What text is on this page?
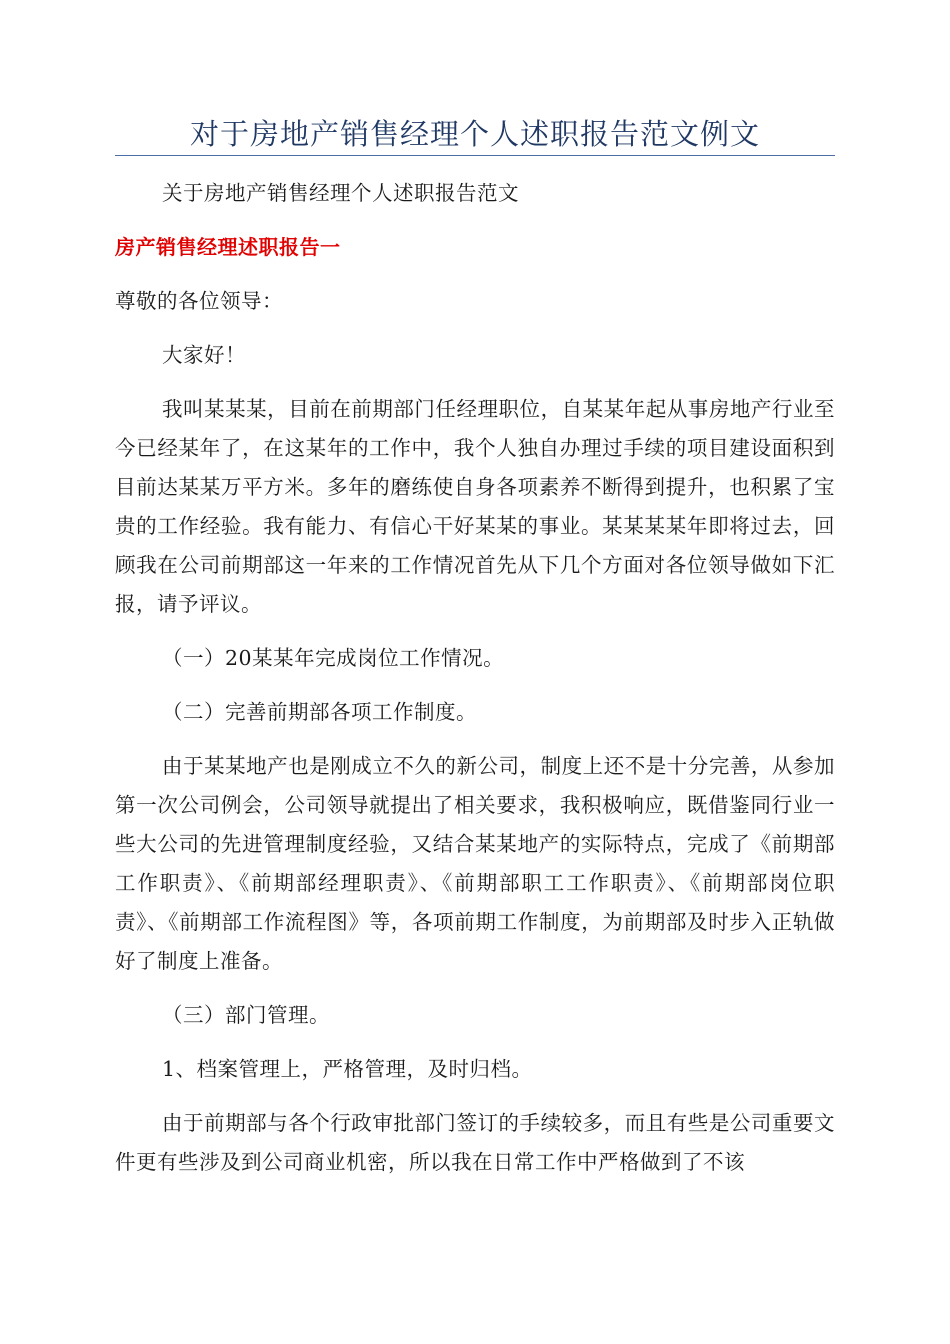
对于房地产销售经理个人述职报告范文例文

关于房地产销售经理个人述职报告范文

房产销售经理述职报告一

尊敬的各位领导：

大家好！

我叫某某某，目前在前期部门任经理职位，自某某年起从事房地产行业至今已经某年了，在这某年的工作中，我个人独自办理过手续的项目建设面积到目前达某某万平方米。多年的磨练使自身各项素养不断得到提升，也积累了宝贵的工作经验。我有能力、有信心干好某某的事业。某某某某年即将过去，回顾我在公司前期部这一年来的工作情况首先从下几个方面对各位领导做如下汇报，请予评议。

（一）20某某年完成岗位工作情况。

（二）完善前期部各项工作制度。

由于某某地产也是刚成立不久的新公司，制度上还不是十分完善，从参加第一次公司例会，公司领导就提出了相关要求，我积极响应，既借鉴同行业一些大公司的先进管理制度经验，又结合某某地产的实际特点，完成了《前期部工作职责》、《前期部经理职责》、《前期部职工工作职责》、《前期部岗位职责》、《前期部工作流程图》等，各项前期工作制度，为前期部及时步入正轨做好了制度上准备。

（三）部门管理。

1、档案管理上，严格管理，及时归档。

由于前期部与各个行政审批部门签订的手续较多，而且有些是公司重要文件更有些涉及到公司商业机密，所以我在日常工作中严格做到了不该
